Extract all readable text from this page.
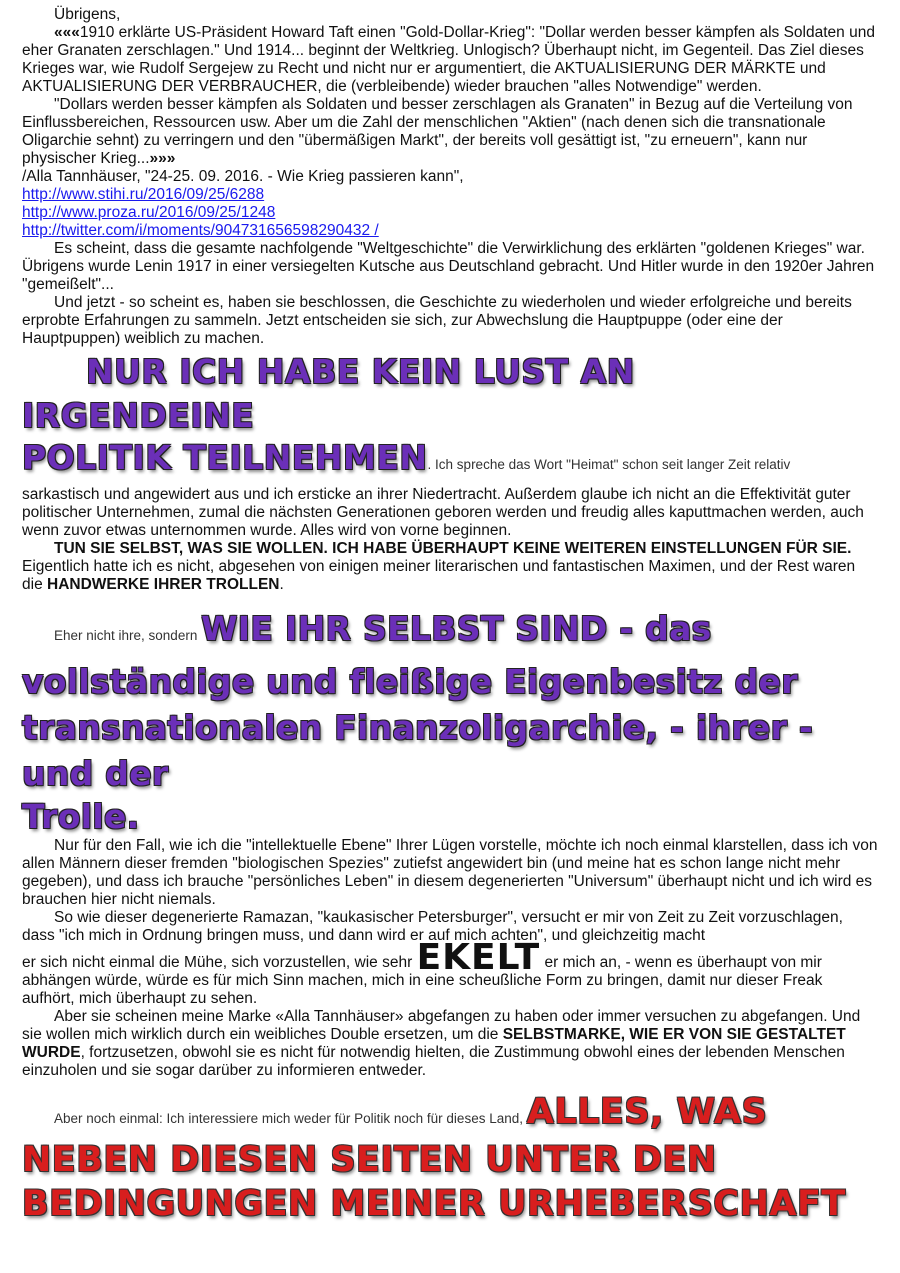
Übrigens,

«««1910 erklärte US-Präsident Howard Taft einen "Gold-Dollar-Krieg": "Dollar werden besser kämpfen als Soldaten und eher Granaten zerschlagen." Und 1914... beginnt der Weltkrieg. Unlogisch? Überhaupt nicht, im Gegenteil. Das Ziel dieses Krieges war, wie Rudolf Sergejew zu Recht und nicht nur er argumentiert, die AKTUALISIERUNG DER MÄRKTE und AKTUALISIERUNG DER VERBRAUCHER, die (verbleibende) wieder brauchen "alles Notwendige" werden.

"Dollars werden besser kämpfen als Soldaten und besser zerschlagen als Granaten" in Bezug auf die Verteilung von Einflussbereichen, Ressourcen usw. Aber um die Zahl der menschlichen "Aktien" (nach denen sich die transnationale Oligarchie sehnt) zu verringern und den "übermäßigen Markt", der bereits voll gesättigt ist, "zu erneuern", kann nur physischer Krieg...»»»

/Alla Tannhäuser, "24-25. 09. 2016. - Wie Krieg passieren kann",

http://www.stihi.ru/2016/09/25/6288
http://www.proza.ru/2016/09/25/1248
http://twitter.com/i/moments/904731656598290432 /

Es scheint, dass die gesamte nachfolgende "Weltgeschichte" die Verwirklichung des erklärten "goldenen Krieges" war. Übrigens wurde Lenin 1917 in einer versiegelten Kutsche aus Deutschland gebracht. Und Hitler wurde in den 1920er Jahren "gemeißelt"...

Und jetzt - so scheint es, haben sie beschlossen, die Geschichte zu wiederholen und wieder erfolgreiche und bereits erprobte Erfahrungen zu sammeln. Jetzt entscheiden sie sich, zur Abwechslung die Hauptpuppe (oder eine der Hauptpuppen) weiblich zu machen.

NUR ICH HABE KEIN LUST AN IRGENDEINE

POLITIK TEILNEHMEN. Ich spreche das Wort "Heimat" schon seit langer Zeit relativ

sarkastisch und angewidert aus und ich ersticke an ihrer Niedertracht. Außerdem glaube ich nicht an die Effektivität guter politischer Unternehmen, zumal die nächsten Generationen geboren werden und freudig alles kaputtmachen werden, auch wenn zuvor etwas unternommen wurde. Alles wird von vorne beginnen.

TUN SIE SELBST, WAS SIE WOLLEN. ICH HABE ÜBERHAUPT KEINE WEITEREN EINSTELLUNGEN FÜR SIE. Eigentlich hatte ich es nicht, abgesehen von einigen meiner literarischen und fantastischen Maximen, und der Rest waren die HANDWERKE IHRER TROLLEN.

Eher nicht ihre, sondern WIE IHR SELBST SIND - das

vollständige und fleißige Eigenbesitz der

transnationalen Finanzoligarchie, - ihrer - und der

Trolle.

Nur für den Fall, wie ich die "intellektuelle Ebene" Ihrer Lügen vorstelle, möchte ich noch einmal klarstellen, dass ich von allen Männern dieser fremden "biologischen Spezies" zutiefst angewidert bin (und meine hat es schon lange nicht mehr gegeben), und dass ich brauche "persönliches Leben" in diesem degenerierten "Universum" überhaupt nicht und ich wird es brauchen hier nicht niemals.

So wie dieser degenerierte Ramazan, "kaukasischer Petersburger", versucht er mir von Zeit zu Zeit vorzuschlagen, dass "ich mich in Ordnung bringen muss, und dann wird er auf mich achten", und gleichzeitig macht

er sich nicht einmal die Mühe, sich vorzustellen, wie sehr EKELT er mich an, - wenn es überhaupt von mir abhängen würde, würde es für mich Sinn machen, mich in eine scheußliche Form zu bringen, damit nur dieser Freak aufhört, mich überhaupt zu sehen.

Aber sie scheinen meine Marke «Alla Tannhäuser» abgefangen zu haben oder immer versuchen zu abgefangen. Und sie wollen mich wirklich durch ein weibliches Double ersetzen, um die SELBSTMARKE, WIE ER VON SIE GESTALTET WURDE, fortzusetzen, obwohl sie es nicht für notwendig hielten, die Zustimmung obwohl eines der lebenden Menschen einzuholen und sie sogar darüber zu informieren entweder.

Aber noch einmal: Ich interessiere mich weder für Politik noch für dieses Land, ALLES, WAS

NEBEN DIESEN SEITEN UNTER DEN

BEDINGUNGEN MEINER URHEBERSCHAFT
